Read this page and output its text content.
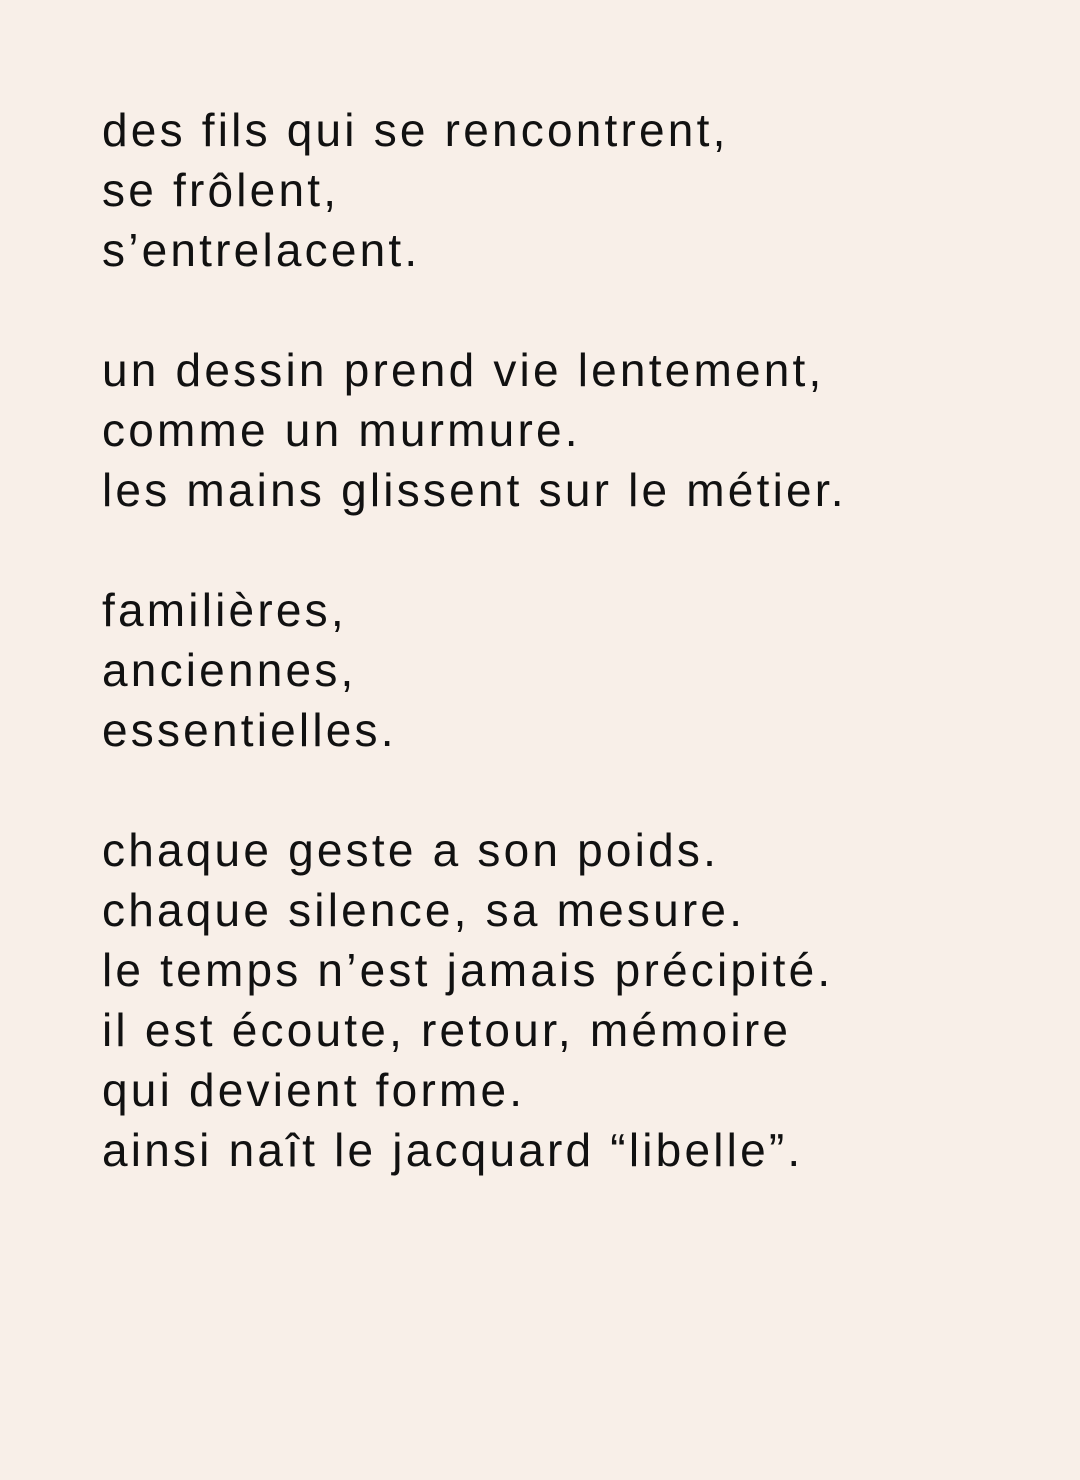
des fils qui se rencontrent,
se frôlent,
s’entrelacent.
un dessin prend vie lentement,
comme un murmure.
les mains glissent sur le métier.
familières,
anciennes,
essentielles.
chaque geste a son poids.
chaque silence, sa mesure.
le temps n’est jamais précipité.
il est écoute, retour, mémoire
qui devient forme.
ainsi naît le jacquard “libelle”.
